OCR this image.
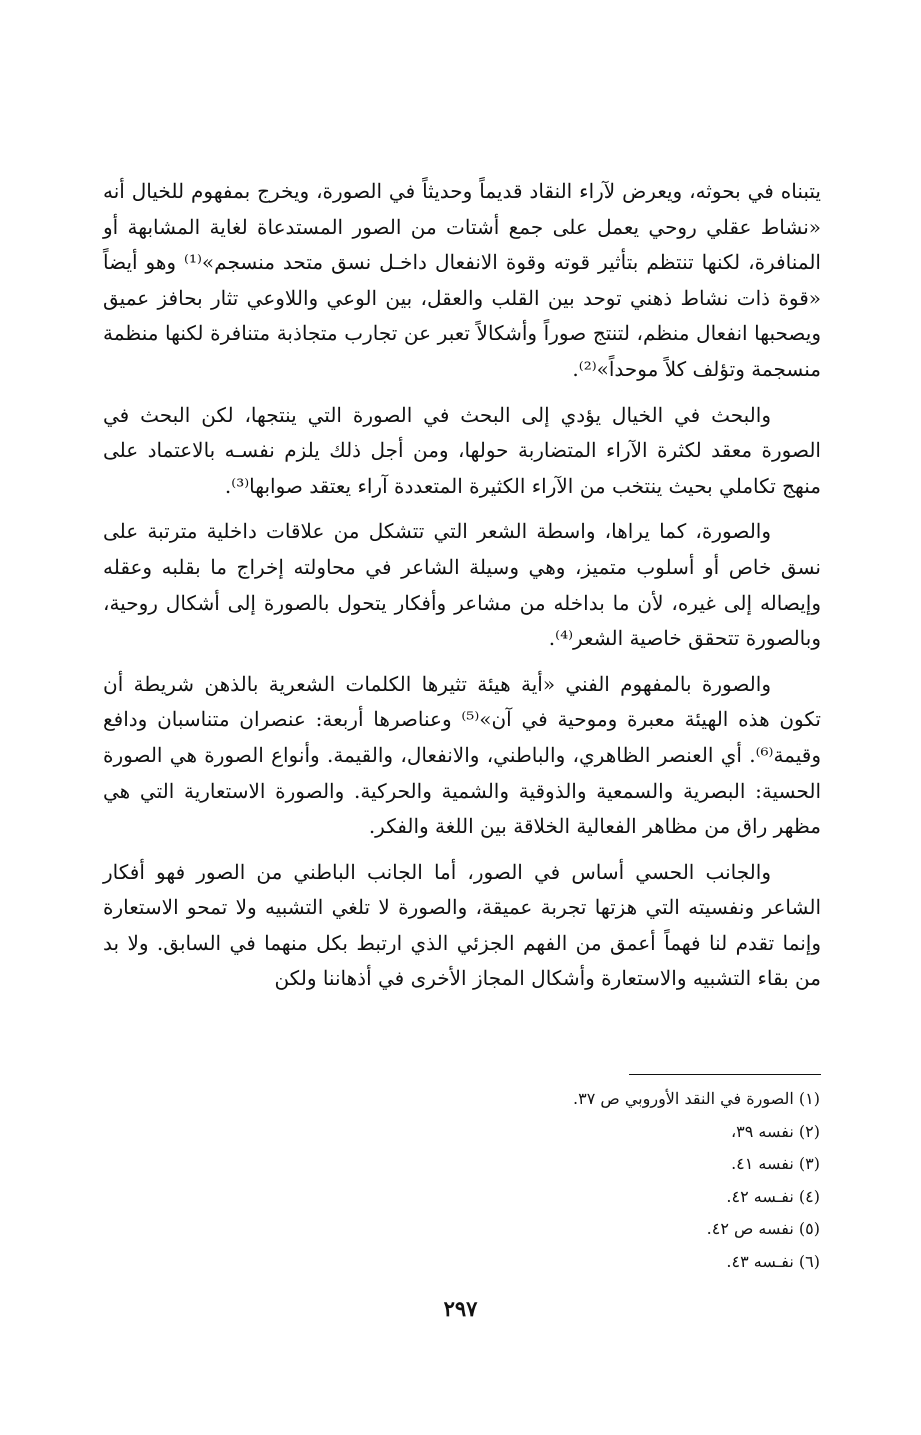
يتبناه في بحوثه، ويعرض لآراء النقاد قديماً وحديثاً في الصورة، ويخرج بمفهوم للخيال أنه «نشاط عقلي روحي يعمل على جمع أشتات من الصور المستدعاة لغاية المشابهة أو المنافرة، لكنها تنتظم بتأثير قوته وقوة الانفعال داخـل نسق متحد منسجم»⁽¹⁾ وهو أيضاً «قوة ذات نشاط ذهني توحد بين القلب والعقل، بين الوعي واللاوعي تثار بحافز عميق ويصحبها انفعال منظم، لتنتج صوراً وأشكالاً تعبر عن تجارب متجاذبة متنافرة لكنها منظمة منسجمة وتؤلف كلاً موحداً»⁽²⁾.

والبحث في الخيال يؤدي إلى البحث في الصورة التي ينتجها، لكن البحث في الصورة معقد لكثرة الآراء المتضاربة حولها، ومن أجل ذلك يلزم نفسـه بالاعتماد على منهج تكاملي بحيث ينتخب من الآراء الكثيرة المتعددة آراء يعتقد صوابها⁽³⁾.

والصورة، كما يراها، واسطة الشعر التي تتشكل من علاقات داخلية مترتبة على نسق خاص أو أسلوب متميز، وهي وسيلة الشاعر في محاولته إخراج ما بقلبه وعقله وإيصاله إلى غيره، لأن ما بداخله من مشاعر وأفكار يتحول بالصورة إلى أشكال روحية، وبالصورة تتحقق خاصية الشعر⁽⁴⁾.

والصورة بالمفهوم الفني «أية هيئة تثيرها الكلمات الشعرية بالذهن شريطة أن تكون هذه الهيئة معبرة وموحية في آن»⁽⁵⁾ وعناصرها أربعة: عنصران متناسبان ودافع وقيمة⁽⁶⁾. أي العنصر الظاهري، والباطني، والانفعال، والقيمة. وأنواع الصورة هي الصورة الحسية: البصرية والسمعية والذوقية والشمية والحركية. والصورة الاستعارية التي هي مظهر راق من مظاهر الفعالية الخلاقة بين اللغة والفكر.

والجانب الحسي أساس في الصور، أما الجانب الباطني من الصور فهو أفكار الشاعر ونفسيته التي هزتها تجربة عميقة، والصورة لا تلغي التشبيه ولا تمحو الاستعارة وإنما تقدم لنا فهماً أعمق من الفهم الجزئي الذي ارتبط بكل منهما في السابق. ولا بد من بقاء التشبيه والاستعارة وأشكال المجاز الأخرى في أذهاننا ولكن

(١) الصورة في النقد الأوروبي ص ٣٧.
(٢) نفسه ٣٩،
(٣) نفسه ٤١.
(٤) نفـسه ٤٢.
(٥) نفسه ص ٤٢.
(٦) نفـسه ٤٣.
٢٩٧
